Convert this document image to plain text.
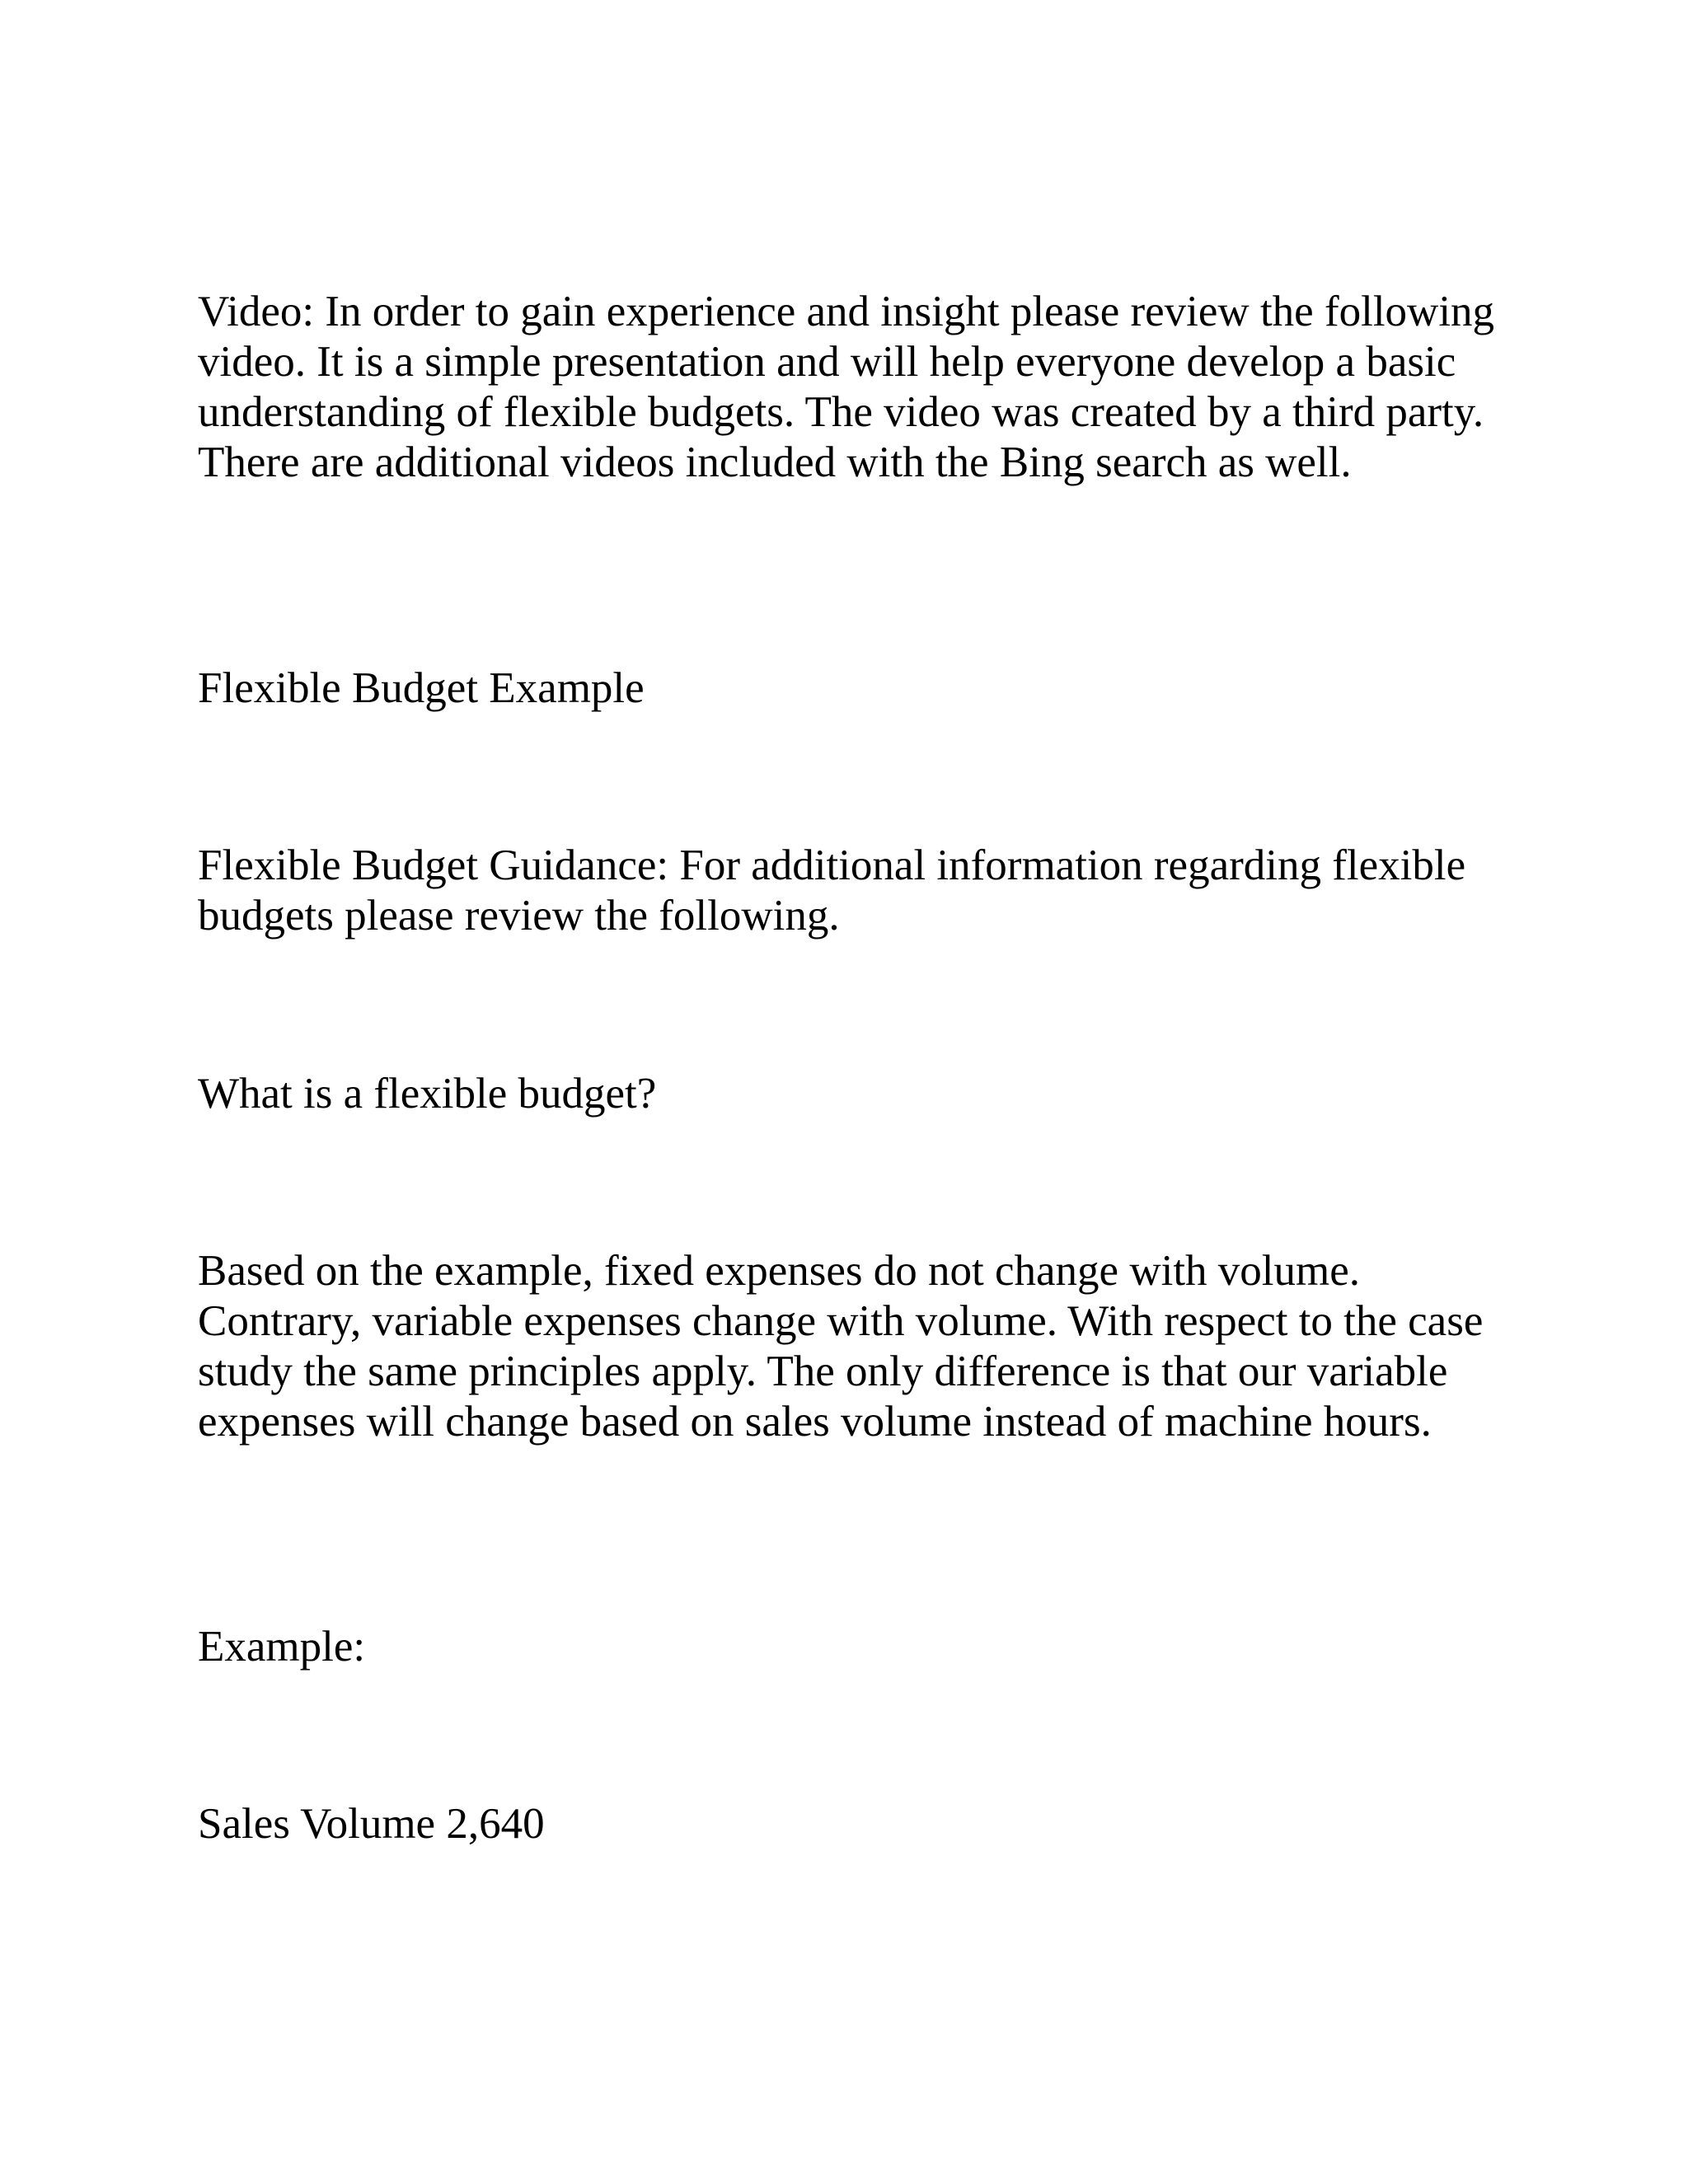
Video: In order to gain experience and insight please review the following video. It is a simple presentation and will help everyone develop a basic understanding of flexible budgets. The video was created by a third party. There are additional videos included with the Bing search as well.

Flexible Budget Example

Flexible Budget Guidance: For additional information regarding flexible budgets please review the following.

What is a flexible budget?

Based on the example, fixed expenses do not change with volume. Contrary, variable expenses change with volume. With respect to the case study the same principles apply. The only difference is that our variable expenses will change based on sales volume instead of machine hours.

Example:

Sales Volume 2,640
